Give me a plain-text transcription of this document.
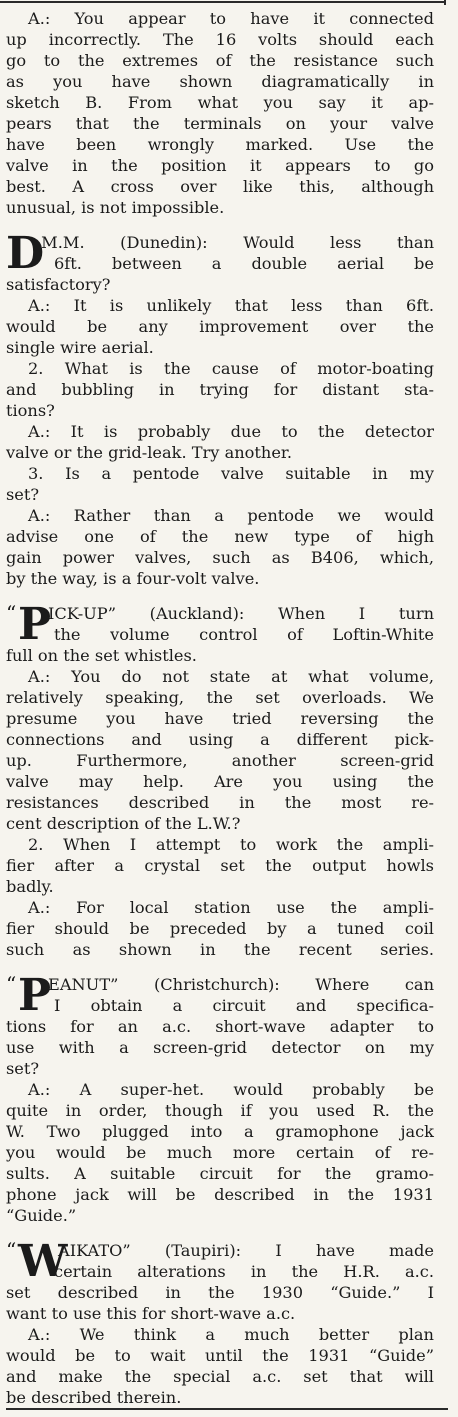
A.: You appear to have it connected
up incorrectly. The 16 volts should each
go to the extremes of the resistance such
as you have shown diagramatically in
sketch B. From what you say it ap-
pears that the terminals on your valve
have been wrongly marked. Use the
valve in the position it appears to go
best. A cross over like this, although
unusual, is not impossible.
D
.M.M. (Dunedin): Would less than
6ft. between a double aerial be
satisfactory?
A.: It is unlikely that less than 6ft.
would be any improvement over the
single wire aerial.
2. What is the cause of motor-boating
and bubbling in trying for distant sta-
tions?
A.: It is probably due to the detector
valve or the grid-leak. Try another.
3. Is a pentode valve suitable in my
set?
A.: Rather than a pentode we would
advise one of the new type of high
gain power valves, such as B406, which,
by the way, is a four-volt valve.
“ P
ICK-UP” (Auckland): When I turn
the volume control of Loftin-White
full on the set whistles.
A.: You do not state at what volume,
relatively speaking, the set overloads. We
presume you have tried reversing the
connections and using a different pick-
up. Furthermore, another screen-grid
valve may help. Are you using the
resistances described in the most re-
cent description of the L.W.?
2. When I attempt to work the ampli-
fier after a crystal set the output howls
badly.
A.: For local station use the ampli-
fier should be preceded by a tuned coil
such as shown in the recent series.
“ P
EANUT” (Christchurch): Where can
I obtain a circuit and specifica-
tions for an a.c. short-wave adapter to
use with a screen-grid detector on my
set?
A.: A super-het. would probably be
quite in order, though if you used R. the
W. Two plugged into a gramophone jack
you would be much more certain of re-
sults. A suitable circuit for the gramo-
phone jack will be described in the 1931
“Guide.”
“ W
AIKATO” (Taupiri): I have made
certain alterations in the H.R. a.c.
set described in the 1930 “Guide.” I
want to use this for short-wave a.c.
A.: We think a much better plan
would be to wait until the 1931 “Guide”
and make the special a.c. set that will
be described therein.
